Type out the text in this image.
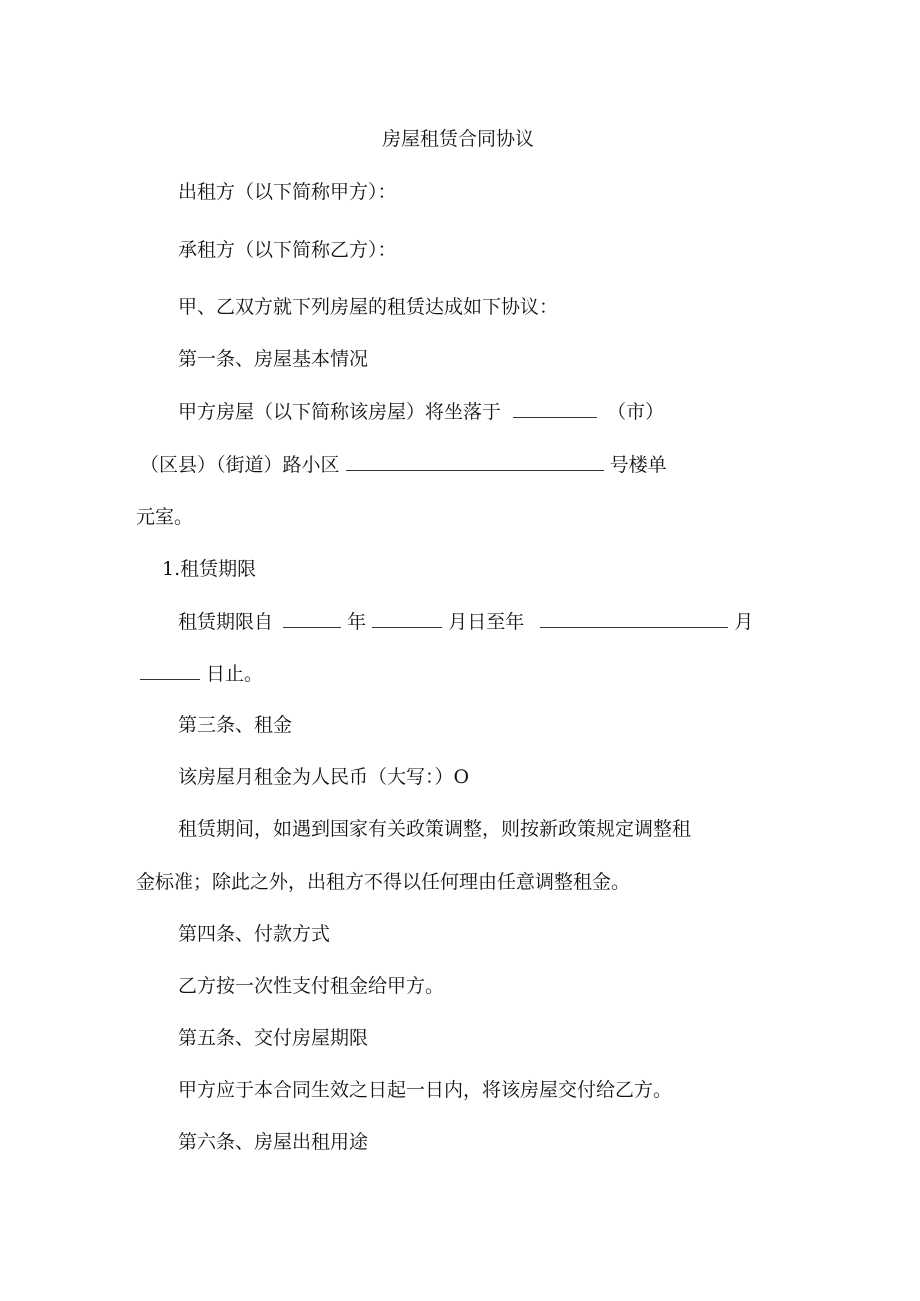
房屋租赁合同协议
出租方（以下简称甲方）：
承租方（以下简称乙方）：
甲、乙双方就下列房屋的租赁达成如下协议：
第一条、房屋基本情况
甲方房屋（以下简称该房屋）将坐落于	（市）
（区县）（街道）路小区	号楼单
元室。
1.租赁期限
租赁期限自	年	月日至年	月
日止。
第三条、租金
该房屋月租金为人民币（大写：）O
租赁期间，如遇到国家有关政策调整，则按新政策规定调整租
金标准；除此之外，出租方不得以任何理由任意调整租金。
第四条、付款方式
乙方按一次性支付租金给甲方。
第五条、交付房屋期限
甲方应于本合同生效之日起一日内，将该房屋交付给乙方。
第六条、房屋出租用途
